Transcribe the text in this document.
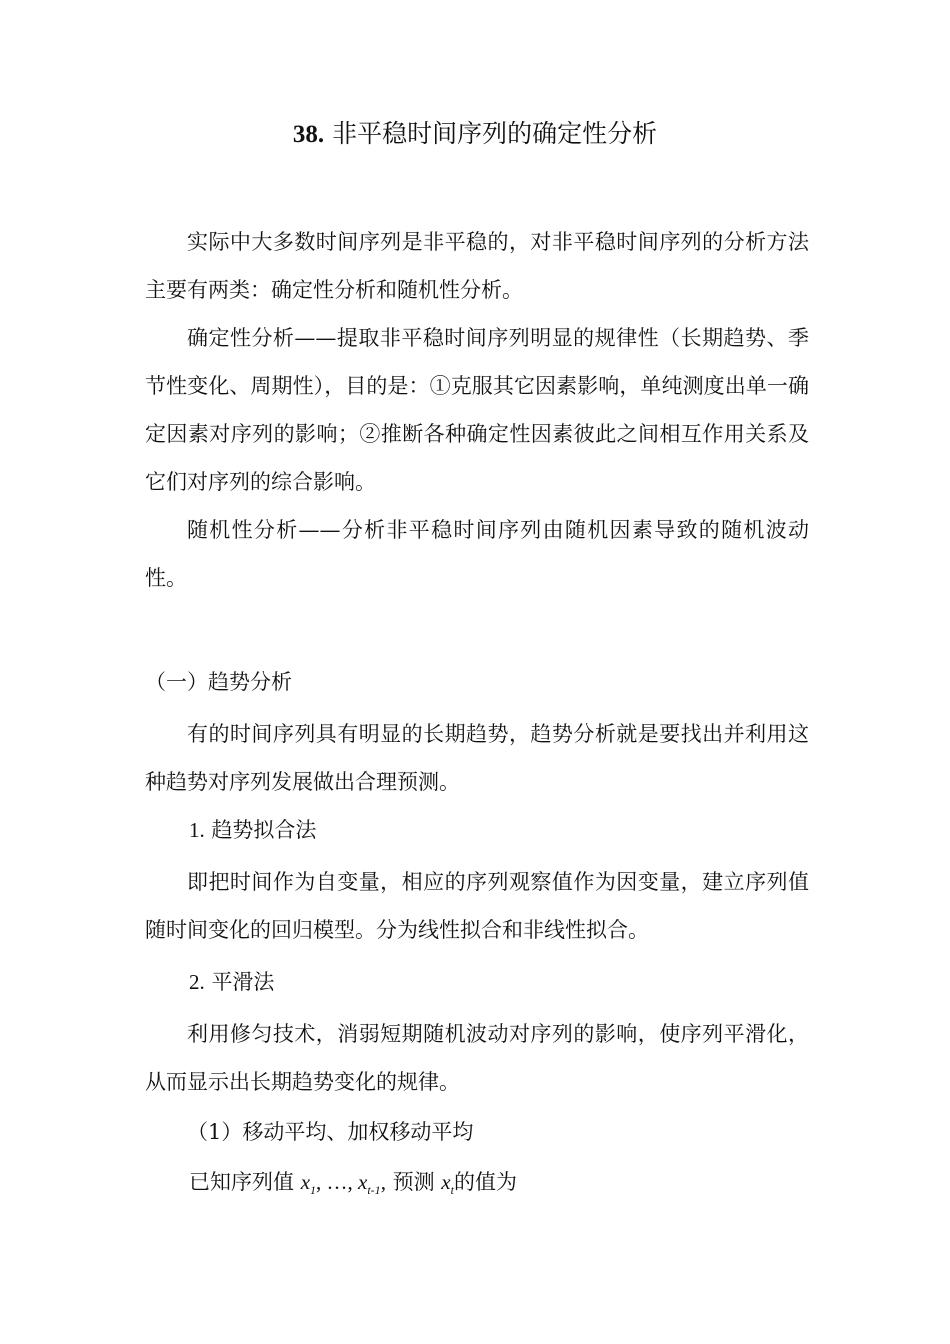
38. 非平稳时间序列的确定性分析
实际中大多数时间序列是非平稳的，对非平稳时间序列的分析方法主要有两类：确定性分析和随机性分析。
确定性分析——提取非平稳时间序列明显的规律性（长期趋势、季节性变化、周期性），目的是：①克服其它因素影响，单纯测度出单一确定因素对序列的影响；②推断各种确定性因素彼此之间相互作用关系及它们对序列的综合影响。
随机性分析——分析非平稳时间序列由随机因素导致的随机波动性。
（一）趋势分析
有的时间序列具有明显的长期趋势，趋势分析就是要找出并利用这种趋势对序列发展做出合理预测。
1. 趋势拟合法
即把时间作为自变量，相应的序列观察值作为因变量，建立序列值随时间变化的回归模型。分为线性拟合和非线性拟合。
2. 平滑法
利用修匀技术，消弱短期随机波动对序列的影响，使序列平滑化，从而显示出长期趋势变化的规律。
（1）移动平均、加权移动平均
已知序列值 $x_1$, …, $x_{t-1}$, 预测 $x_t$的值为
